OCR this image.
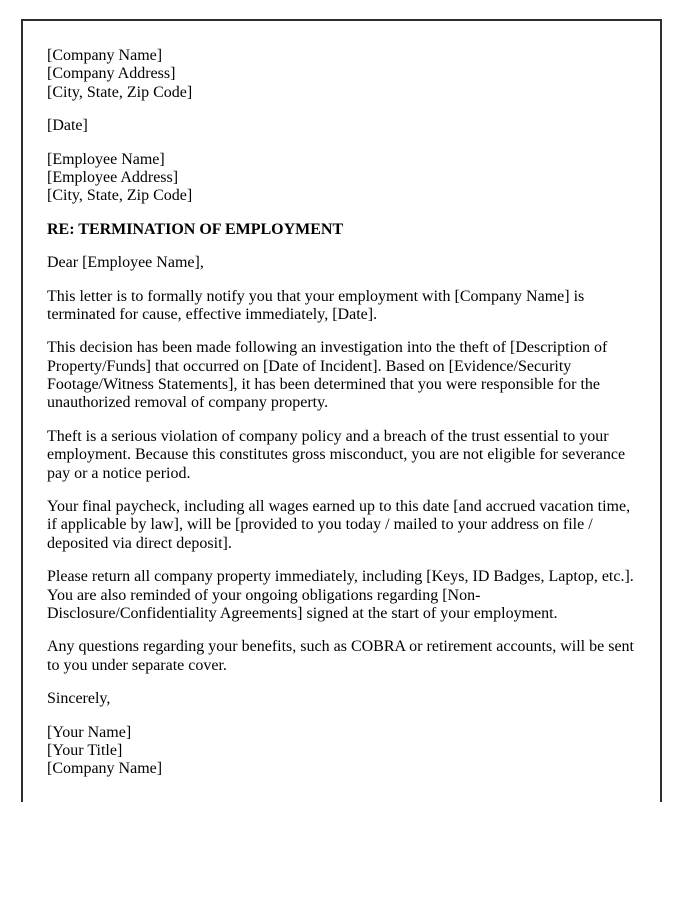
[Company Name]
[Company Address]
[City, State, Zip Code]

[Date]

[Employee Name]
[Employee Address]
[City, State, Zip Code]

RE: TERMINATION OF EMPLOYMENT

Dear [Employee Name],

This letter is to formally notify you that your employment with [Company Name] is terminated for cause, effective immediately, [Date].

This decision has been made following an investigation into the theft of [Description of Property/Funds] that occurred on [Date of Incident]. Based on [Evidence/Security Footage/Witness Statements], it has been determined that you were responsible for the unauthorized removal of company property.

Theft is a serious violation of company policy and a breach of the trust essential to your employment. Because this constitutes gross misconduct, you are not eligible for severance pay or a notice period.

Your final paycheck, including all wages earned up to this date [and accrued vacation time, if applicable by law], will be [provided to you today / mailed to your address on file / deposited via direct deposit].

Please return all company property immediately, including [Keys, ID Badges, Laptop, etc.]. You are also reminded of your ongoing obligations regarding [Non-Disclosure/Confidentiality Agreements] signed at the start of your employment.

Any questions regarding your benefits, such as COBRA or retirement accounts, will be sent to you under separate cover.

Sincerely,

[Your Name]
[Your Title]
[Company Name]
